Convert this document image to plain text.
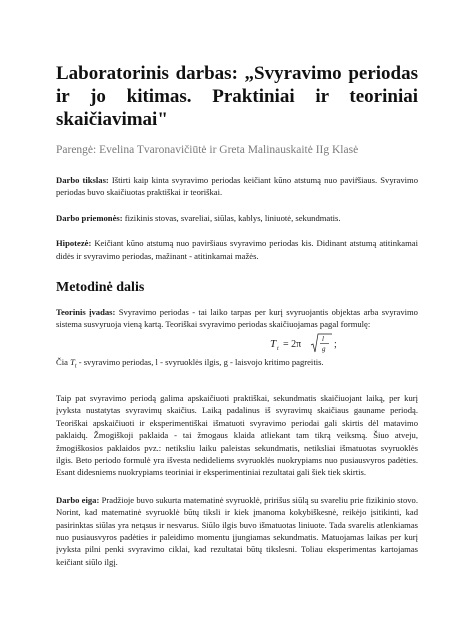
Laboratorinis darbas: „Svyravimo periodas ir jo kitimas. Praktiniai ir teoriniai skaičiavimai"
Parengė: Evelina Tvaronavičiūtė ir Greta Malinauskaitė IIg Klasė

Darbo tikslas: Ištirti kaip kinta svyravimo periodas keičiant kūno atstumą nuo pavir̃šiaus. Svyravimo periodas buvo skaičiuotas praktiškai ir teoriškai.

Darbo priemonės: fizikinis stovas, svareliai, siūlas, kablys, liniuotė, sekundmatis.

Hipotezė: Keičiant kūno atstumą nuo paviršiaus svyravimo periodas kis. Didinant atstumą atitinkamai didės ir svyravimo periodas, mažinant - atitinkamai mažės.

Metodinė dalis

Teorinis įvadas: Svyravimo periodas - tai laiko tarpas per kurį svyruojantis objektas arba svyravimo sistema susvyruoja vieną kartą. Teoriškai svyravimo periodas skaičiuojamas pagal formulę:

T t = 2π	l
g ;

Čia $T_t$ - svyravimo periodas, l - svyruoklės ilgis, g - laisvojo kritimo pagreitis.

Taip pat svyravimo periodą galima apskaičiuoti praktiškai, sekundmatis skaičiuojant laiką, per kurį įvyksta nustatytas svyravimų skaičius. Laiką padalinus iš svyravimų skaičiaus gauname periodą. Teoriškai apskaičiuoti ir eksperimentiškai išmatuoti svyravimo periodai gali skirtis dėl matavimo paklaidų. Žmogiškoji paklaida - tai žmogaus klaida atliekant tam tikrą veiksmą. Šiuo atveju, žmogiškosios paklaidos pvz.: netiksliu laiku paleistas sekundmatis, netiksliai išmatuotas svyruoklės ilgis. Beto periodo formulė yra išvesta nedideliems svyruoklės nuokrypiams nuo pusiausvyros padėties. Esant didesniems nuokrypiams teoriniai ir eksperimentiniai rezultatai gali šiek tiek skirtis.

Darbo eiga: Pradžioje buvo sukurta matematinė svyruoklė, pririšus siūlą su svareliu prie fizikinio stovo. Norint, kad matematinė svyruoklė būtų tiksli ir kiek įmanoma kokybiškesnė, reikėjo įsitikinti, kad pasirinktas siūlas yra netąsus ir nesvarus. Siūlo ilgis buvo išmatuotas liniuote. Tada svarelis atlenkiamas nuo pusiausvyros padėties ir paleidimo momentu įjungiamas sekundmatis. Matuojamas laikas per kurį įvyksta pilni penki svyravimo ciklai, kad rezultatai būtų tikslesni. Toliau eksperimentas kartojamas keičiant siūlo ilgį.
